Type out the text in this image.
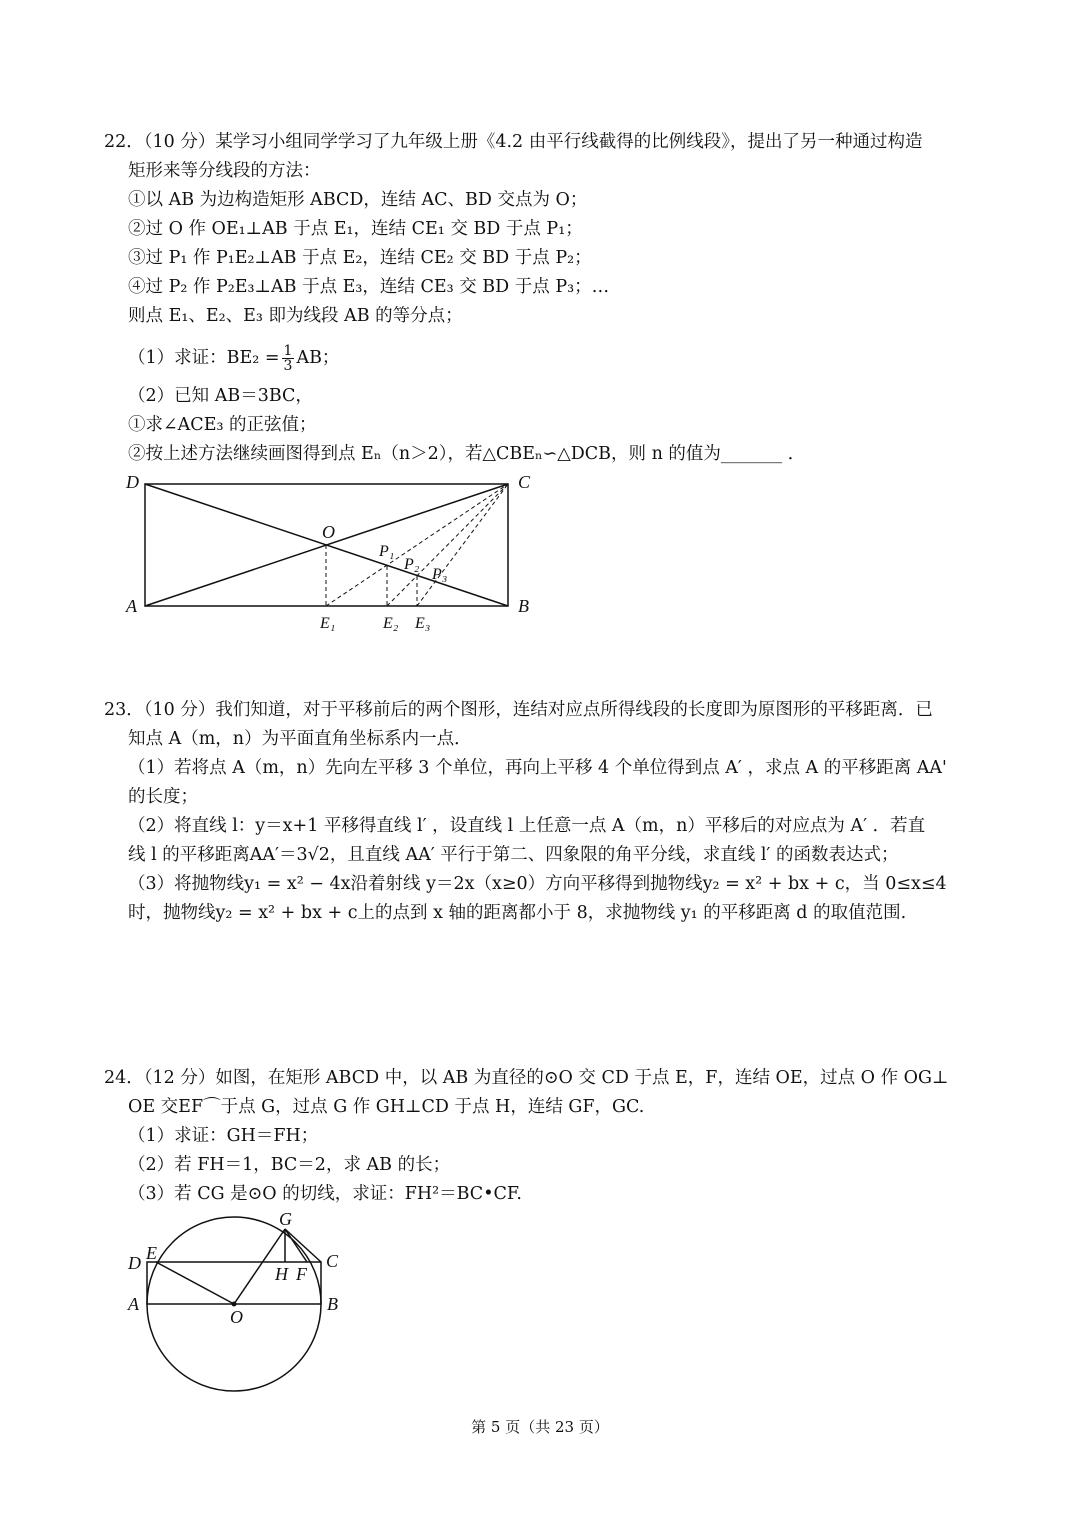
22．（10 分）某学习小组同学学习了九年级上册《4.2 由平行线截得的比例线段》，提出了另一种通过构造
矩形来等分线段的方法：
①以 AB 为边构造矩形 ABCD，连结 AC、BD 交点为 O；
②过 O 作 OE₁⊥AB 于点 E₁，连结 CE₁ 交 BD 于点 P₁；
③过 P₁ 作 P₁E₂⊥AB 于点 E₂，连结 CE₂ 交 BD 于点 P₂；
④过 P₂ 作 P₂E₃⊥AB 于点 E₃，连结 CE₃ 交 BD 于点 P₃；…
则点 E₁、E₂、E₃ 即为线段 AB 的等分点；
（1）求证：$BE_2 = \frac{1}{3}$ AB；
（2）已知 AB＝3BC，
①求∠ACE₃ 的正弦值；
②按上述方法继续画图得到点 Eₙ（n＞2），若△CBEₙ∽△DCB，则 n 的值为_______ ．
D	C
A	B
O
P₁
P₂
P₃
E₁	E₂ E₃
23．（10 分）我们知道，对于平移前后的两个图形，连结对应点所得线段的长度即为原图形的平移距离．已
知点 A（m，n）为平面直角坐标系内一点．
（1）若将点 A（m，n）先向左平移 3 个单位，再向上平移 4 个单位得到点 A′ ，求点 A 的平移距离 AA'
的长度；
（2）将直线 l：y＝x+1 平移得直线 l′ ，设直线 l 上任意一点 A（m，n）平移后的对应点为 A′ ．若直
线 l 的平移距离AA′＝3√2，且直线 AA′ 平行于第二、四象限的角平分线，求直线 l′ 的函数表达式；
（3）将抛物线y₁ = x² − 4x沿着射线 y＝2x（x≥0）方向平移得到抛物线y₂ = x² + bx + c，当 0≤x≤4
时，抛物线y₂ = x² + bx + c上的点到 x 轴的距离都小于 8，求抛物线 y₁ 的平移距离 d 的取值范围.
24．（12 分）如图，在矩形 ABCD 中，以 AB 为直径的⊙O 交 CD 于点 E，F，连结 OE，过点 O 作 OG⊥
OE 交EF⌒于点 G，过点 G 作 GH⊥CD 于点 H，连结 GF，GC.
（1）求证：GH＝FH；
（2）若 FH＝1，BC＝2，求 AB 的长；
（3）若 CG 是⊙O 的切线，求证：FH²＝BC•CF.
G
D E	C
H F
A
O
B
第 5 页（共 23 页）
